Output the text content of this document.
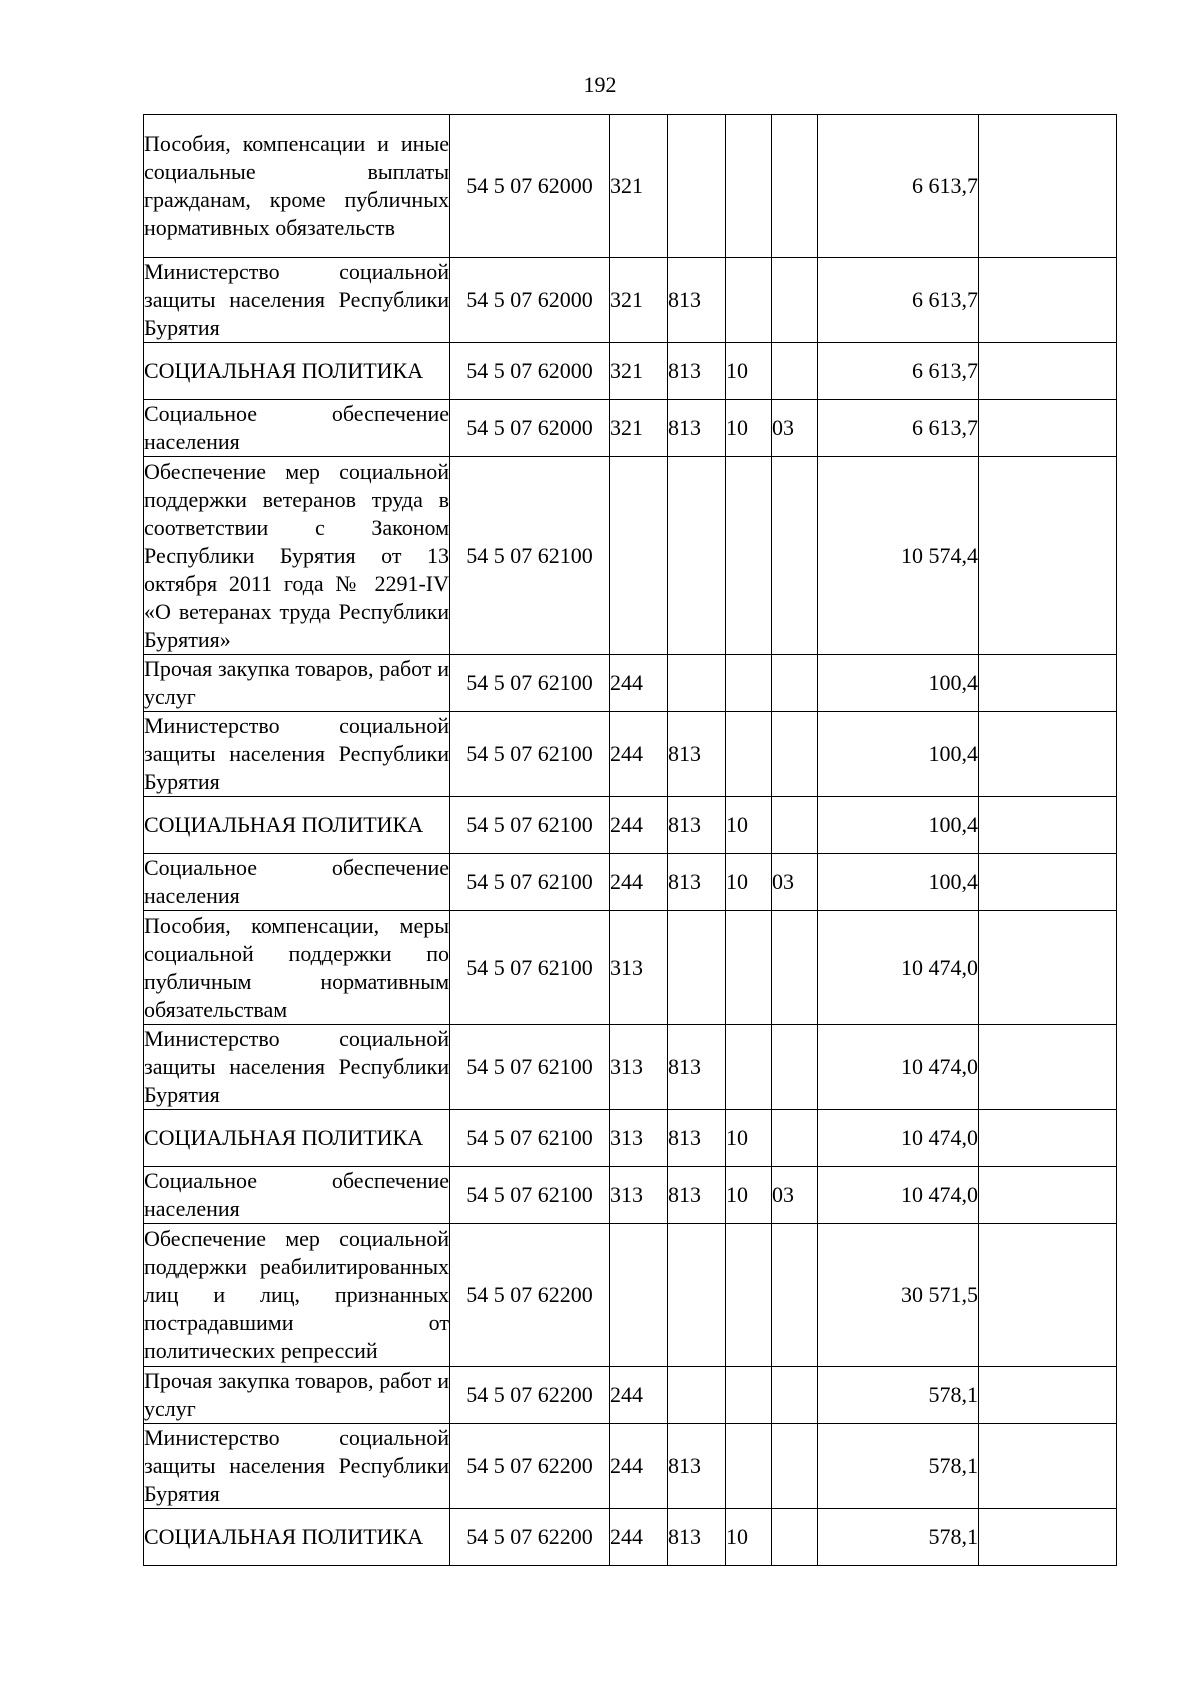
192
Пособия, компенсации и иные социальные выплаты гражданам, кроме публичных нормативных обязательств	54 5 07 62000	321				6 613,7	
Министерство социальной защиты населения Республики Бурятия	54 5 07 62000	321	813			6 613,7	
СОЦИАЛЬНАЯ ПОЛИТИКА	54 5 07 62000	321	813	10		6 613,7	
Социальное обеспечение населения	54 5 07 62000	321	813	10	03	6 613,7	
Обеспечение мер социальной поддержки ветеранов труда в соответствии с Законом Республики Бурятия от 13 октября 2011 года № 2291-IV «О ветеранах труда Республики Бурятия»	54 5 07 62100					10 574,4	
Прочая закупка товаров, работ и услуг	54 5 07 62100	244				100,4	
Министерство социальной защиты населения Республики Бурятия	54 5 07 62100	244	813			100,4	
СОЦИАЛЬНАЯ ПОЛИТИКА	54 5 07 62100	244	813	10		100,4	
Социальное обеспечение населения	54 5 07 62100	244	813	10	03	100,4	
Пособия, компенсации, меры социальной поддержки по публичным нормативным обязательствам	54 5 07 62100	313				10 474,0	
Министерство социальной защиты населения Республики Бурятия	54 5 07 62100	313	813			10 474,0	
СОЦИАЛЬНАЯ ПОЛИТИКА	54 5 07 62100	313	813	10		10 474,0	
Социальное обеспечение населения	54 5 07 62100	313	813	10	03	10 474,0	
Обеспечение мер социальной поддержки реабилитированных лиц и лиц, признанных пострадавшими от политических репрессий	54 5 07 62200					30 571,5	
Прочая закупка товаров, работ и услуг	54 5 07 62200	244				578,1	
Министерство социальной защиты населения Республики Бурятия	54 5 07 62200	244	813			578,1	
СОЦИАЛЬНАЯ ПОЛИТИКА	54 5 07 62200	244	813	10		578,1	
